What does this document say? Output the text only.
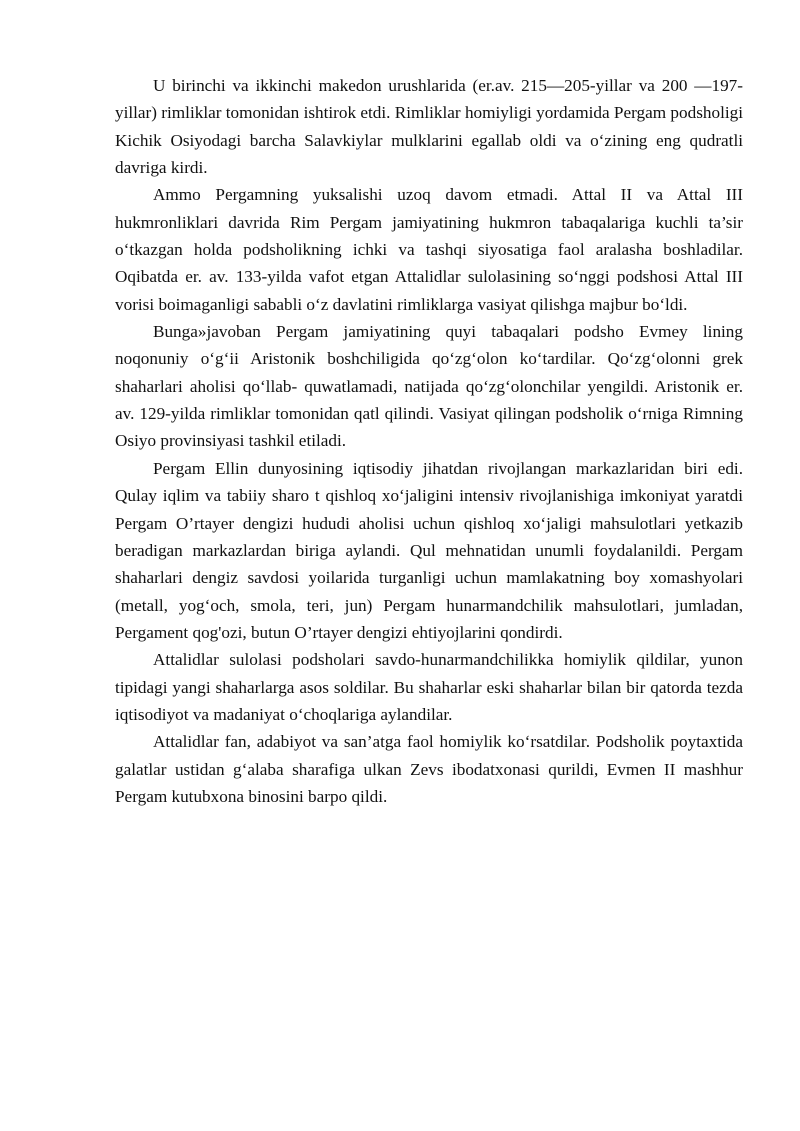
U birinchi va ikkinchi makedon urushlarida (er.av. 215—205-yillar va 200 —197-yillar) rimliklar tomonidan ishtirok etdi. Rimliklar homiyligi yordamida Pergam podsholigi Kichik Osiyodagi barcha Salavkiylar mulklarini egallab oldi va o‘zining eng qudratli davriga kirdi.

Ammo Pergamning yuksalishi uzoq davom etmadi. Attal II va Attal III hukmronliklari davrida Rim Pergam jamiyatining hukmron tabaqalariga kuchli ta’sir o‘tkazgan holda podsholikning ichki va tashqi siyosatiga faol aralasha boshladilar. Oqibatda er. av. 133-yilda vafot etgan Attalidlar sulolasining so‘nggi podshosi Attal III vorisi boimaganligi sababli o‘z davlatini rimliklarga vasiyat qilishga majbur bo‘ldi.

Bunga»javoban Pergam jamiyatining quyi tabaqalari podsho Evmey lining noqonuniy o‘g‘ii Aristonik boshchiligida qo‘zg‘olon ko‘tardilar. Qo‘zg‘olonni grek shaharlari aholisi qo‘llab- quwatlamadi, natijada qo‘zg‘olonchilar yengildi. Aristonik er. av. 129-yilda rimliklar tomonidan qatl qilindi. Vasiyat qilingan podsholik o‘rniga Rimning Osiyo provinsiyasi tashkil etiladi.

Pergam Ellin dunyosining iqtisodiy jihatdan rivojlangan markazlaridan biri edi. Qulay iqlim va tabiiy sharo t qishloq xo‘jaligini intensiv rivojlanishiga imkoniyat yaratdi Pergam O’rtayer dengizi hududi aholisi uchun qishloq xo‘jaligi mahsulotlari yetkazib beradigan markazlardan biriga aylandi. Qul mehnatidan unumli foydalanildi. Pergam shaharlari dengiz savdosi yoilarida turganligi uchun mamlakatning boy xomashyolari (metall, yog‘och, smola, teri, jun) Pergam hunarmandchilik mahsulotlari, jumladan, Pergament qog'ozi, butun O’rtayer dengizi ehtiyojlarini qondirdi.

Attalidlar sulolasi podsholari savdo-hunarmandchilikka homiylik qildilar, yunon tipidagi yangi shaharlarga asos soldilar. Bu shaharlar eski shaharlar bilan bir qatorda tezda iqtisodiyot va madaniyat o‘choqlariga aylandilar.

Attalidlar fan, adabiyot va san’atga faol homiylik ko‘rsatdilar. Podsholik poytaxtida galatlar ustidan g‘alaba sharafiga ulkan Zevs ibodatxonasi qurildi, Evmen II mashhur Pergam kutubxona binosini barpo qildi.
